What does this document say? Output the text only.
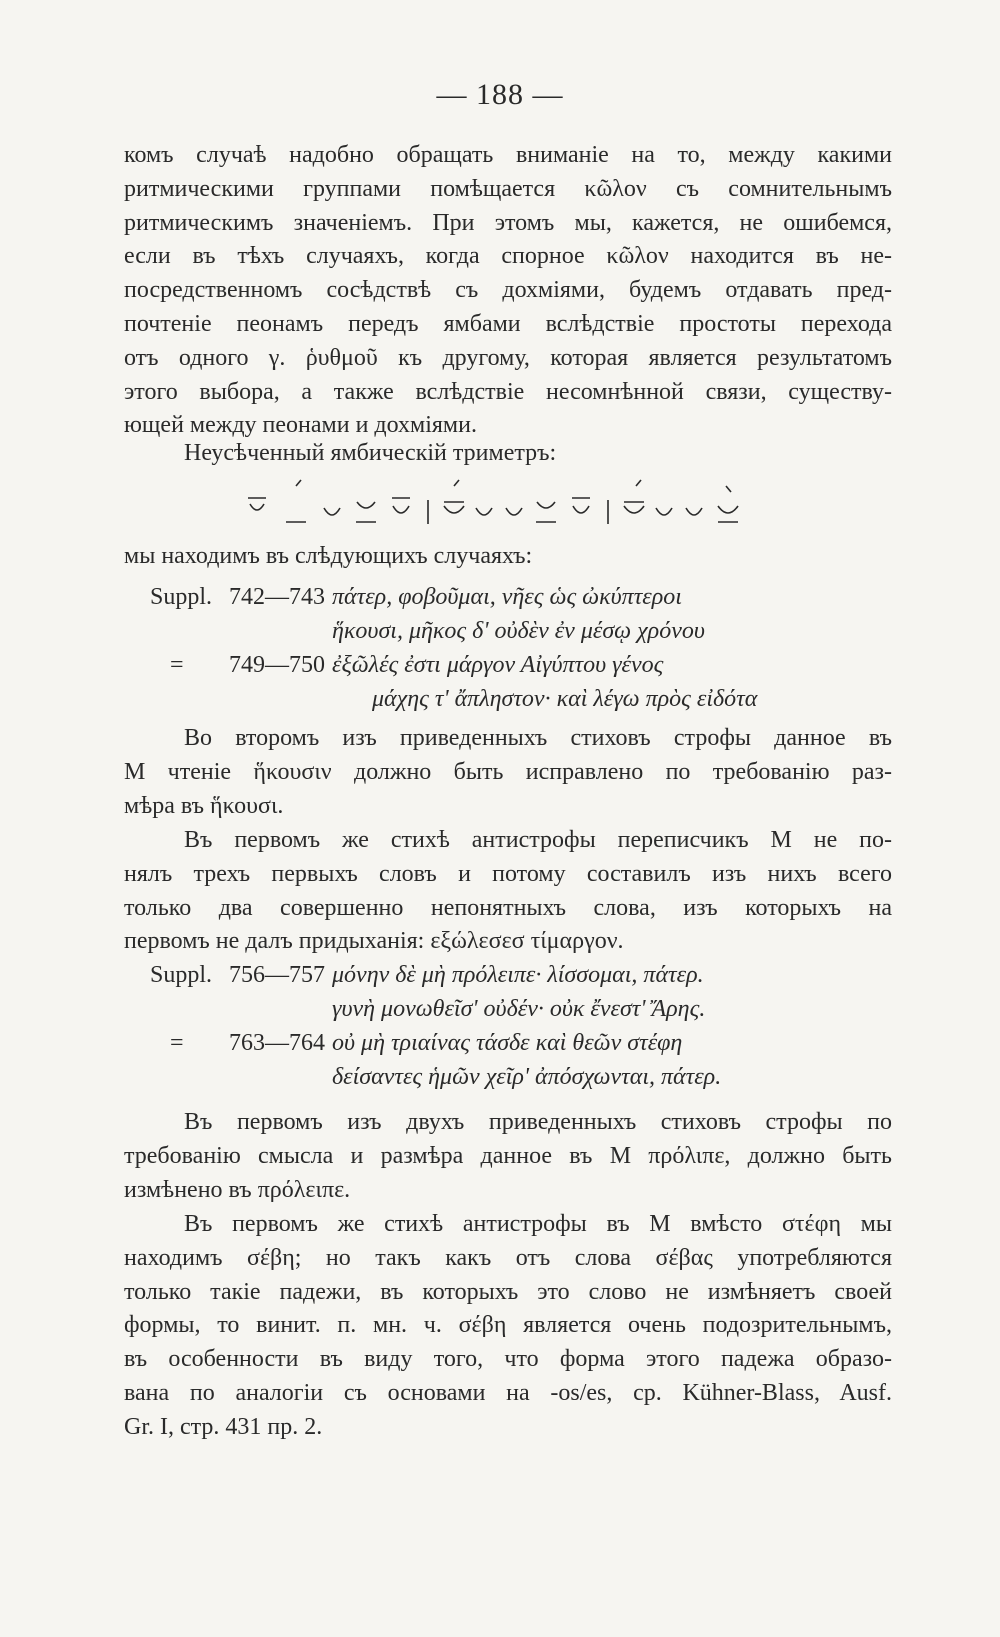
— 188 —
комъ случаѣ надобно обращать вниманіе на то, между какими
ритмическими группами помѣщается κῶλον съ сомнительнымъ
ритмическимъ значеніемъ. При этомъ мы, кажется, не ошибемся,
если въ тѣхъ случаяхъ, когда спорное κῶλον находится въ не-
посредственномъ сосѣдствѣ съ дохміями, будемъ отдавать пред-
почтеніе пеонамъ передъ ямбами вслѣдствіе простоты перехода
отъ одного γ. ῥυθμοῦ къ другому, которая является результатомъ
этого выбора, а также вслѣдствіе несомнѣнной связи, существу-
ющей между пеонами и дохміями.
Неусѣченный ямбическій триметръ:
мы находимъ въ слѣдующихъ случаяхъ:
Suppl. 742—743 πάτερ, φοβοῦμαι, νῆες ὡς ὠκύπτεροι
ἥκουσι, μῆκος δ' οὐδὲν ἐν μέσῳ χρόνου
= 749—750 ἐξῶλές ἐστι μάργον Αἰγύπτου γένος
μάχης τ' ἄπληστον· καὶ λέγω πρὸς εἰδότα
Во второмъ изъ приведенныхъ стиховъ строфы данное въ
М чтеніе ἥκουσιν должно быть исправлено по требованію раз-
мѣра въ ἥκουσι.
Въ первомъ же стихѣ антистрофы переписчикъ М не по-
нялъ трехъ первыхъ словъ и потому составилъ изъ нихъ всего
только два совершенно непонятныхъ слова, изъ которыхъ на
первомъ не далъ придыханія: εξώλεσεσ τίμαργον.
Suppl. 756—757 μόνην δὲ μὴ πρόλειπε· λίσσομαι, πάτερ.
γυνὴ μονωθεῖσ' οὐδέν· οὐκ ἔνεστ' Ἄρης.
= 763—764 οὐ μὴ τριαίνας τάσδε καὶ θεῶν στέφη
δείσαντες ἡμῶν χεῖρ' ἀπόσχωνται, πάτερ.
Въ первомъ изъ двухъ приведенныхъ стиховъ строфы по
требованію смысла и размѣра данное въ М πρόλιπε, должно быть
измѣнено въ πρόλειπε.
Въ первомъ же стихѣ антистрофы въ М вмѣсто στέφη мы
находимъ σέβη; но такъ какъ отъ слова σέβας употребляются
только такіе падежи, въ которыхъ это слово не измѣняетъ своей
формы, то винит. п. мн. ч. σέβη является очень подозрительнымъ,
въ особенности въ виду того, что форма этого падежа образо-
вана по аналогіи съ основами на -os/es, ср. Kühner-Blass, Ausf.
Gr. I, стр. 431 пр. 2.
